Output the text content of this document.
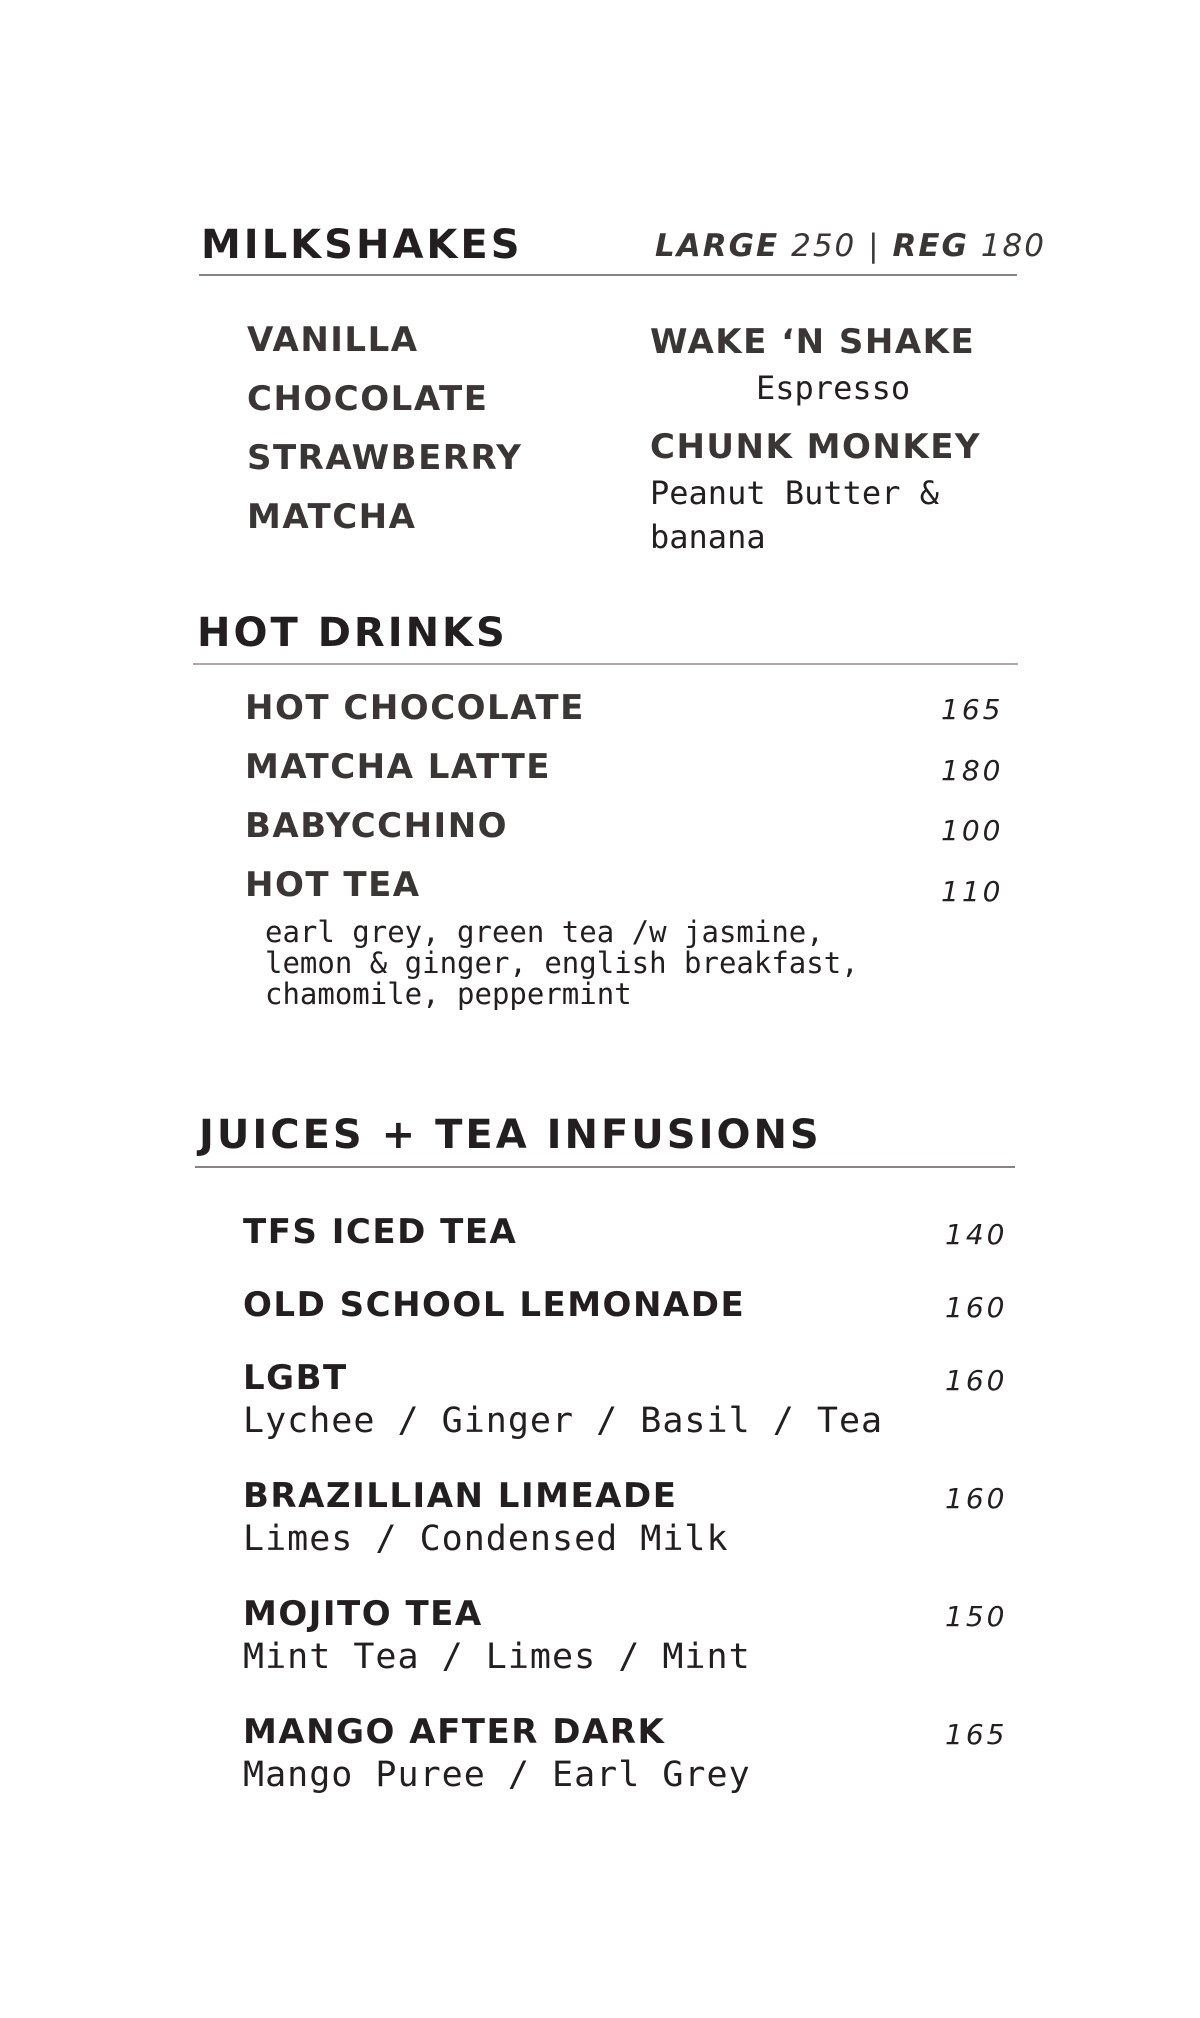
MILKSHAKES	LARGE 250 | REG 180
VANILLA
CHOCOLATE
STRAWBERRY
MATCHA
WAKE ‘N SHAKE
Espresso
CHUNK MONKEY
Peanut Butter &
banana
HOT DRINKS
HOT CHOCOLATE	165
MATCHA LATTE	180
BABYCCHINO	100
HOT TEA	110
earl grey, green tea /w jasmine,
lemon & ginger, english breakfast,
chamomile, peppermint
JUICES + TEA INFUSIONS
TFS ICED TEA	140
OLD SCHOOL LEMONADE	160
LGBT	160
Lychee / Ginger / Basil / Tea
BRAZILLIAN LIMEADE	160
Limes / Condensed Milk
MOJITO TEA	150
Mint Tea / Limes / Mint
MANGO AFTER DARK	165
Mango Puree / Earl Grey
